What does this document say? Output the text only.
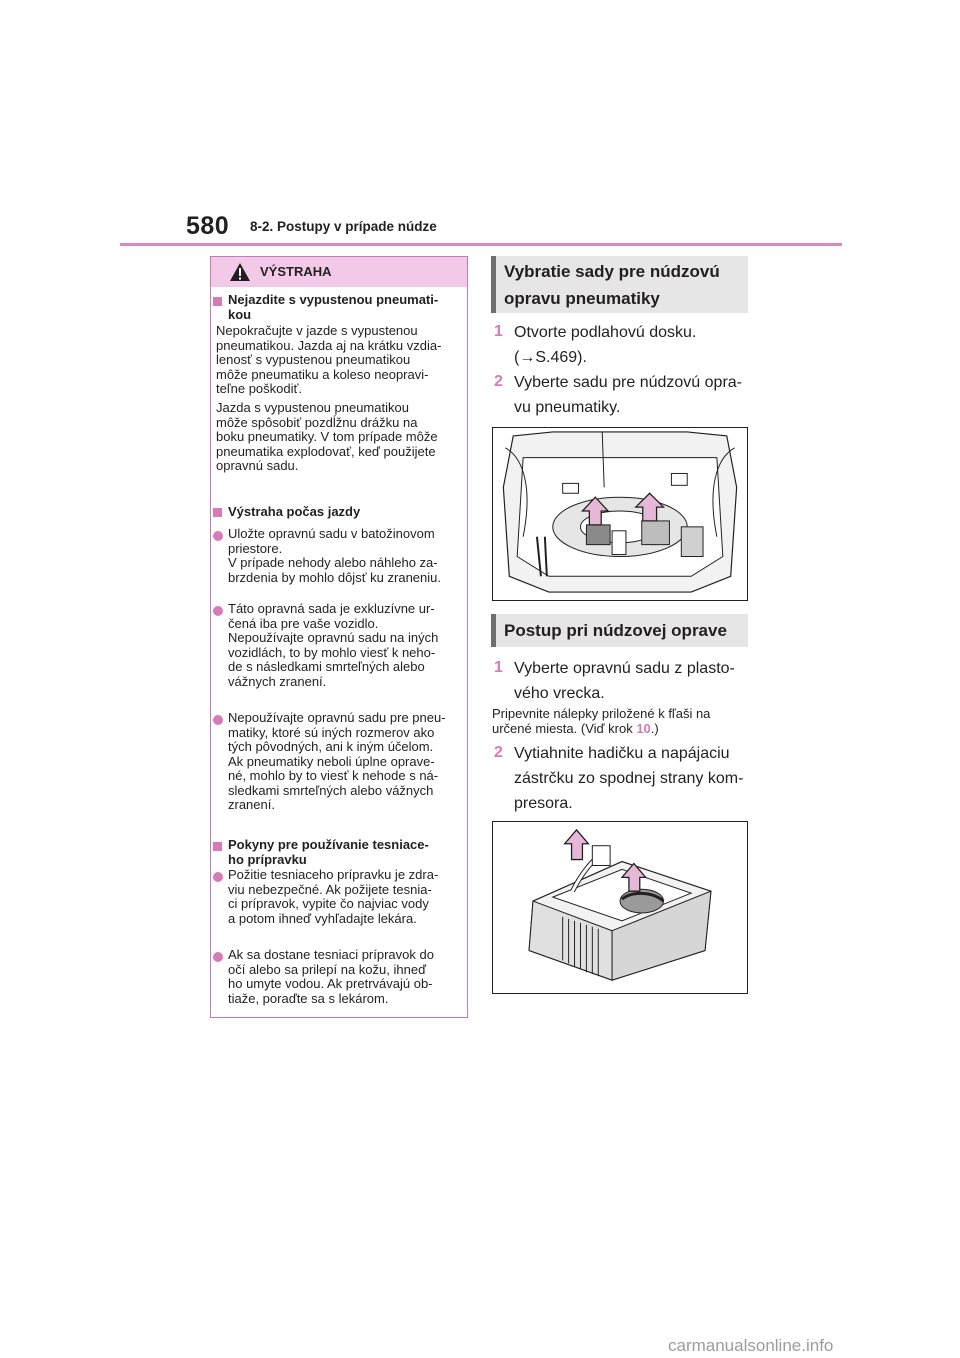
580 8-2. Postupy v prípade núdze
VÝSTRAHA
Nejazdite s vypustenou pneumati-
kou
Nepokračujte v jazde s vypustenou
pneumatikou. Jazda aj na krátku vzdia-
lenosť s vypustenou pneumatikou
môže pneumatiku a koleso neopravi-
teľne poškodiť.
Jazda s vypustenou pneumatikou
môže spôsobiť pozdĺžnu drážku na
boku pneumatiky. V tom prípade môže
pneumatika explodovať, keď použijete
opravnú sadu.
Výstraha počas jazdy
Uložte opravnú sadu v batožinovom
priestore.
V prípade nehody alebo náhleho za-
brzdenia by mohlo dôjsť ku zraneniu.
Táto opravná sada je exkluzívne ur-
čená iba pre vaše vozidlo.
Nepoužívajte opravnú sadu na iných
vozidlách, to by mohlo viesť k neho-
de s následkami smrteľných alebo
vážnych zranení.
Nepoužívajte opravnú sadu pre pneu-
matiky, ktoré sú iných rozmerov ako
tých pôvodných, ani k iným účelom.
Ak pneumatiky neboli úplne oprave-
né, mohlo by to viesť k nehode s ná-
sledkami smrteľných alebo vážnych
zranení.
Pokyny pre používanie tesniace-
ho prípravku
Požitie tesniaceho prípravku je zdra-
viu nebezpečné. Ak požijete tesnia-
ci prípravok, vypite čo najviac vody
a potom ihneď vyhľadajte lekára.
Ak sa dostane tesniaci prípravok do
očí alebo sa prilepí na kožu, ihneď
ho umyte vodou. Ak pretrvávajú ob-
tiaže, poraďte sa s lekárom.
Vybratie sady pre núdzovú
opravu pneumatiky
1 Otvorte podlahovú dosku.
(→S.469).
2 Vyberte sadu pre núdzovú opra-
vu pneumatiky.
Postup pri núdzovej oprave
1 Vyberte opravnú sadu z plasto-
vého vrecka.
Pripevnite nálepky priložené k fľaši na
určené miesta. (Viď krok 10.)
2 Vytiahnite hadičku a napájaciu
zástrčku zo spodnej strany kom-
presora.
carmanualsonline.info
